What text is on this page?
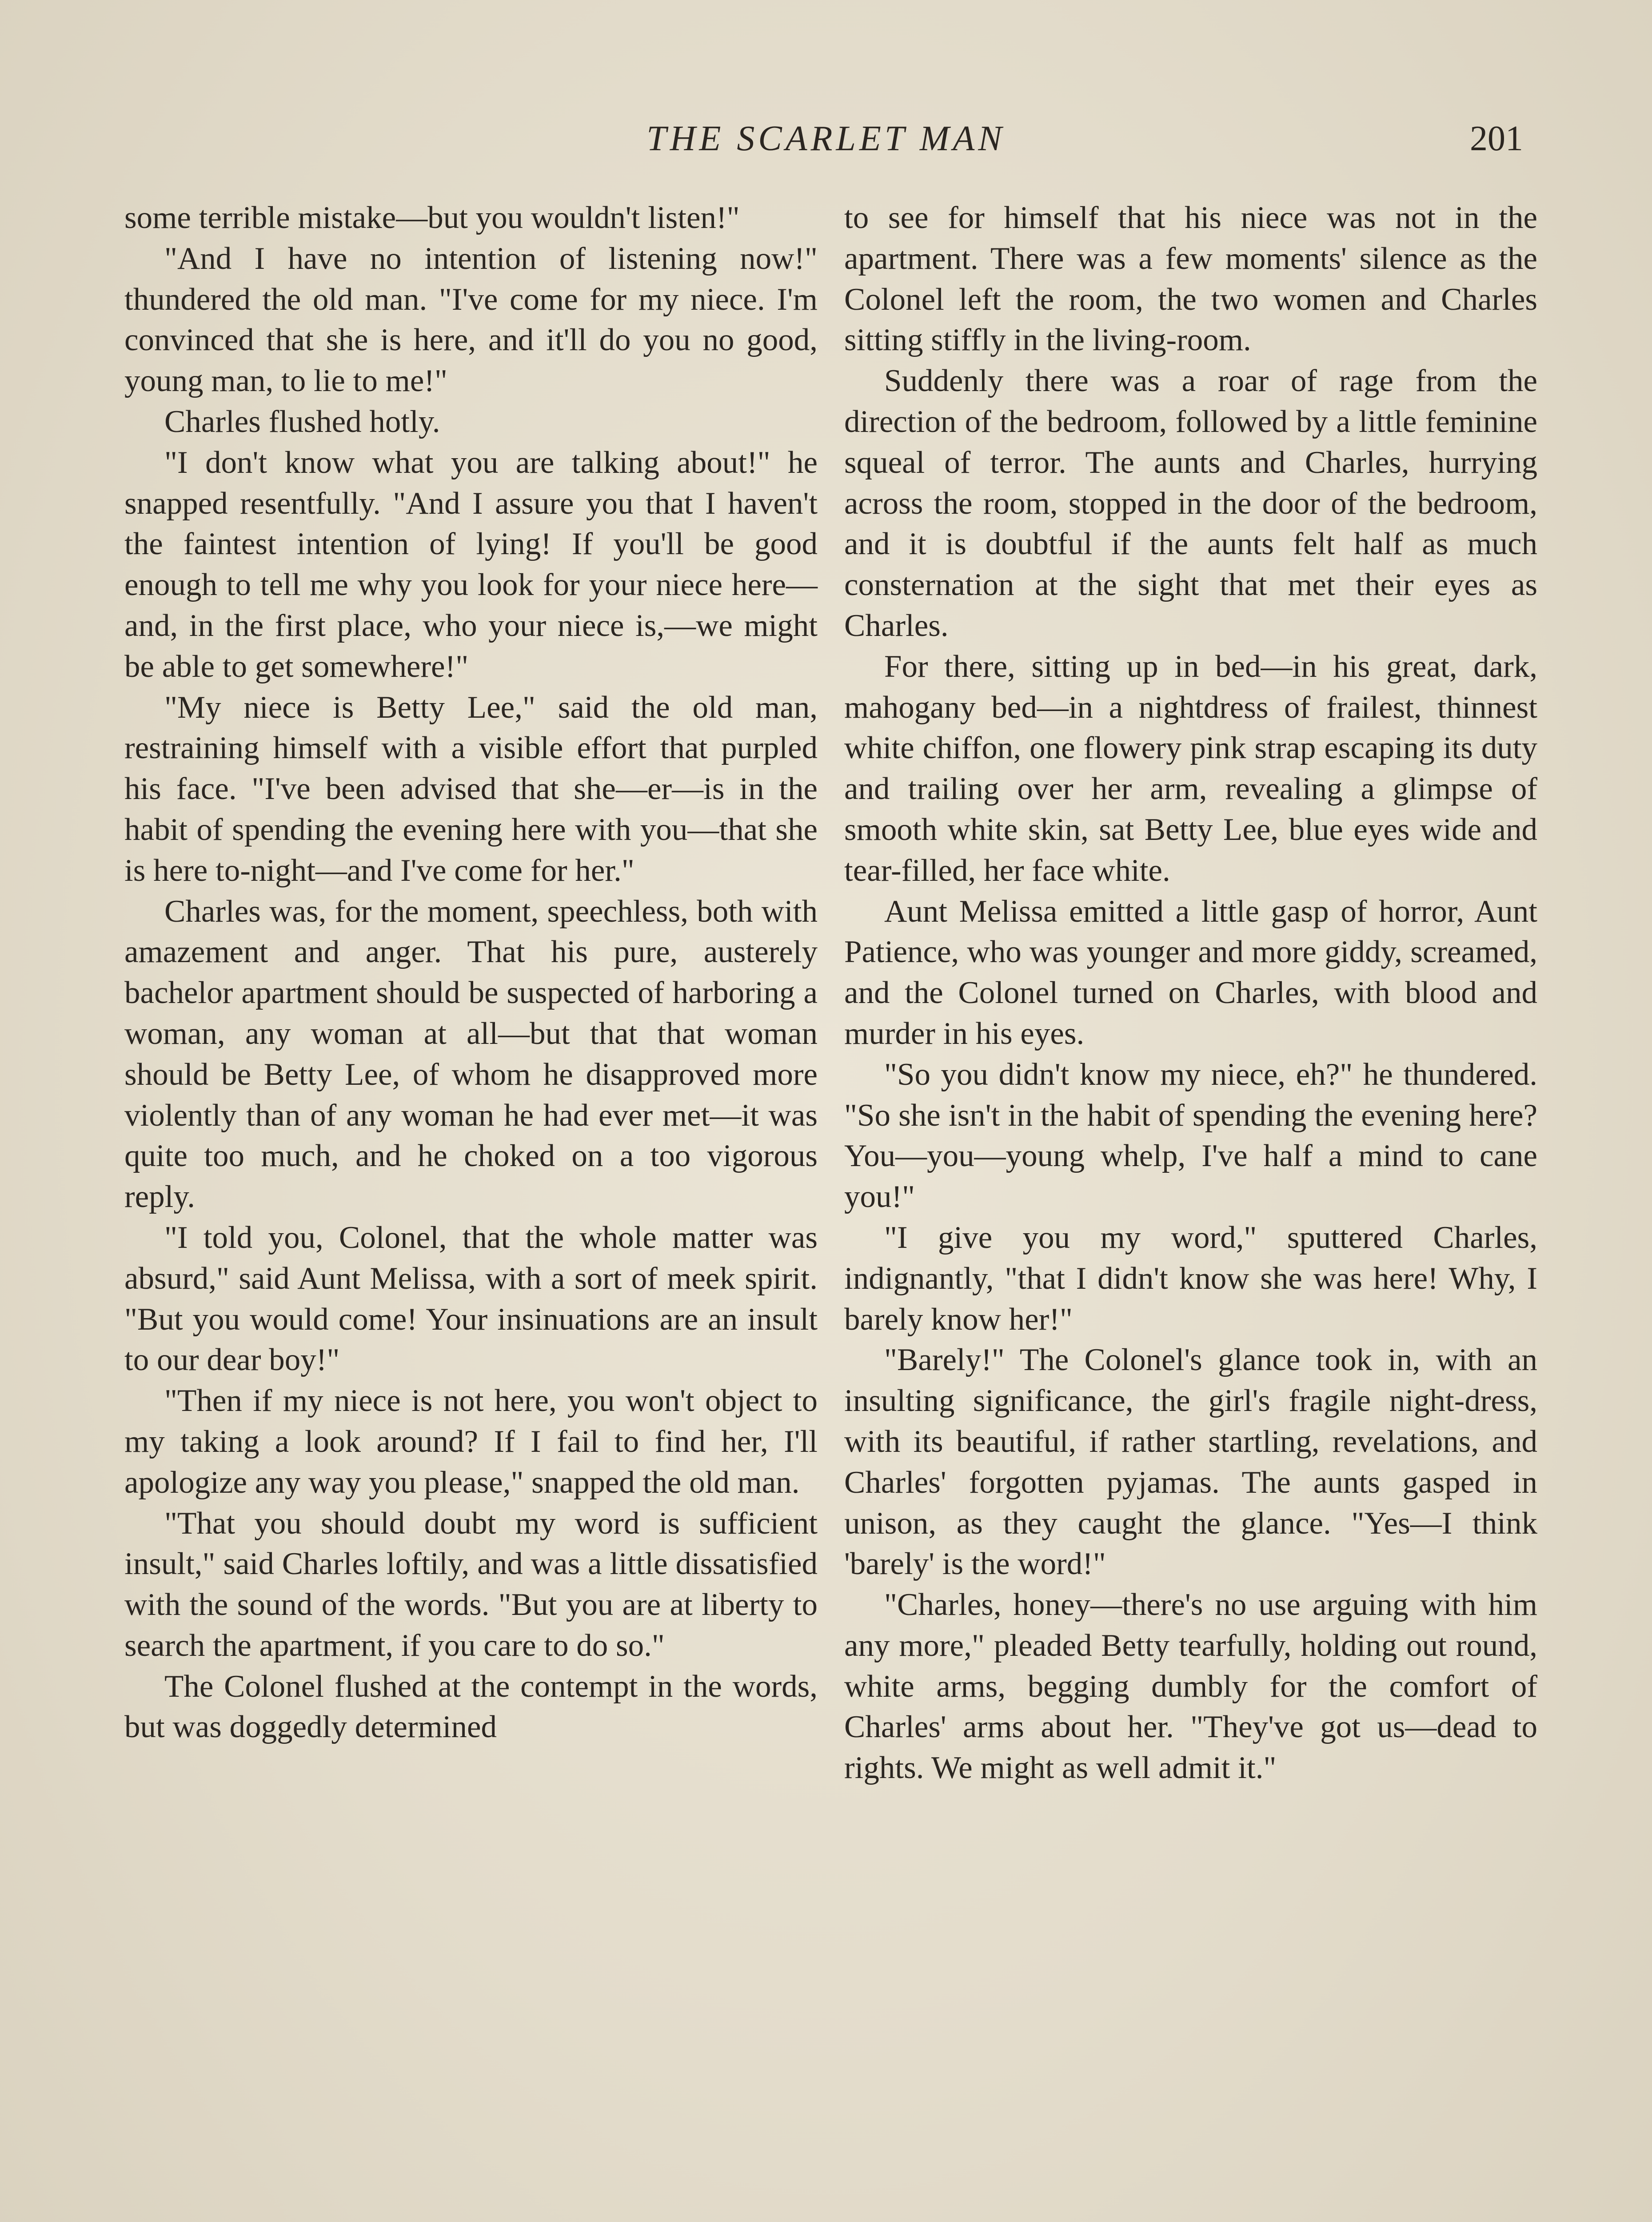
THE SCARLET MAN	201

some terrible mistake—but you wouldn't listen!"

"And I have no intention of listening now!" thundered the old man. "I've come for my niece. I'm convinced that she is here, and it'll do you no good, young man, to lie to me!"

Charles flushed hotly.

"I don't know what you are talking about!" he snapped resentfully. "And I assure you that I haven't the faintest intention of lying! If you'll be good enough to tell me why you look for your niece here—and, in the first place, who your niece is,—we might be able to get somewhere!"

"My niece is Betty Lee," said the old man, restraining himself with a visible effort that purpled his face. "I've been advised that she—er—is in the habit of spending the evening here with you—that she is here to-night—and I've come for her."

Charles was, for the moment, speechless, both with amazement and anger. That his pure, austerely bachelor apartment should be suspected of harboring a woman, any woman at all—but that that woman should be Betty Lee, of whom he disapproved more violently than of any woman he had ever met—it was quite too much, and he choked on a too vigorous reply.

"I told you, Colonel, that the whole matter was absurd," said Aunt Melissa, with a sort of meek spirit. "But you would come! Your insinuations are an insult to our dear boy!"

"Then if my niece is not here, you won't object to my taking a look around? If I fail to find her, I'll apologize any way you please," snapped the old man.

"That you should doubt my word is sufficient insult," said Charles loftily, and was a little dissatisfied with the sound of the words. "But you are at liberty to search the apartment, if you care to do so."

The Colonel flushed at the contempt in the words, but was doggedly determined

to see for himself that his niece was not in the apartment. There was a few moments' silence as the Colonel left the room, the two women and Charles sitting stiffly in the living-room.

Suddenly there was a roar of rage from the direction of the bedroom, followed by a little feminine squeal of terror. The aunts and Charles, hurrying across the room, stopped in the door of the bedroom, and it is doubtful if the aunts felt half as much consternation at the sight that met their eyes as Charles.

For there, sitting up in bed—in his great, dark, mahogany bed—in a nightdress of frailest, thinnest white chiffon, one flowery pink strap escaping its duty and trailing over her arm, revealing a glimpse of smooth white skin, sat Betty Lee, blue eyes wide and tear-filled, her face white.

Aunt Melissa emitted a little gasp of horror, Aunt Patience, who was younger and more giddy, screamed, and the Colonel turned on Charles, with blood and murder in his eyes.

"So you didn't know my niece, eh?" he thundered. "So she isn't in the habit of spending the evening here? You—you—young whelp, I've half a mind to cane you!"

"I give you my word," sputtered Charles, indignantly, "that I didn't know she was here! Why, I barely know her!"

"Barely!" The Colonel's glance took in, with an insulting significance, the girl's fragile night-dress, with its beautiful, if rather startling, revelations, and Charles' forgotten pyjamas. The aunts gasped in unison, as they caught the glance. "Yes—I think 'barely' is the word!"

"Charles, honey—there's no use arguing with him any more," pleaded Betty tearfully, holding out round, white arms, begging dumbly for the comfort of Charles' arms about her. "They've got us—dead to rights. We might as well admit it."
